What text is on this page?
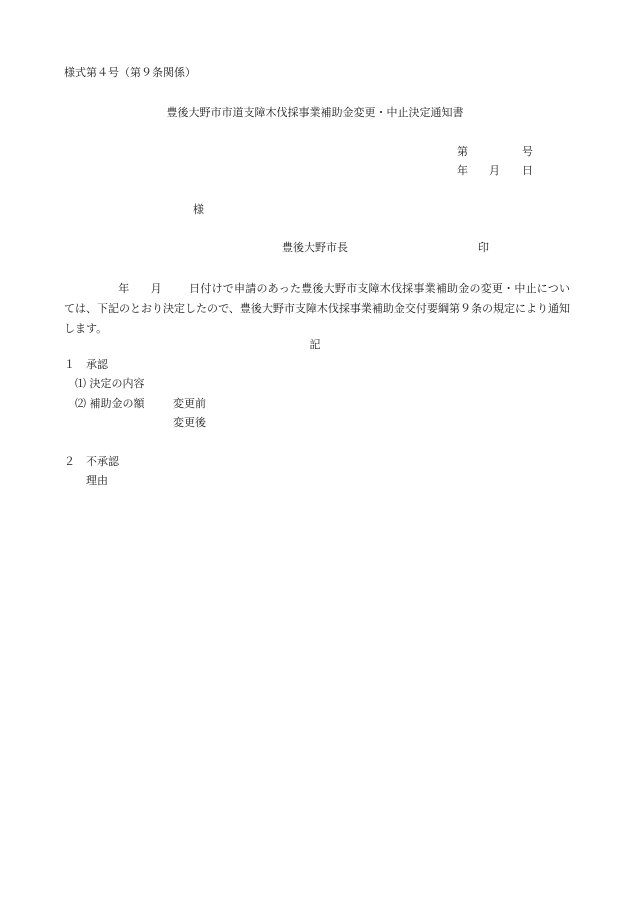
様式第４号（第９条関係）
豊後大野市市道支障木伐採事業補助金変更・中止決定通知書
第	号
年 月 日
様
豊後大野市長	印
年 月 日付けで申請のあった豊後大野市支障木伐採事業補助金の変更・中止については、下記のとおり決定したので、豊後大野市支障木伐採事業補助金交付要綱第９条の規定により通知します。
記
１　承認
⑴ 決定の内容
⑵ 補助金の額	変更前
変更後
２　不承認
理由
